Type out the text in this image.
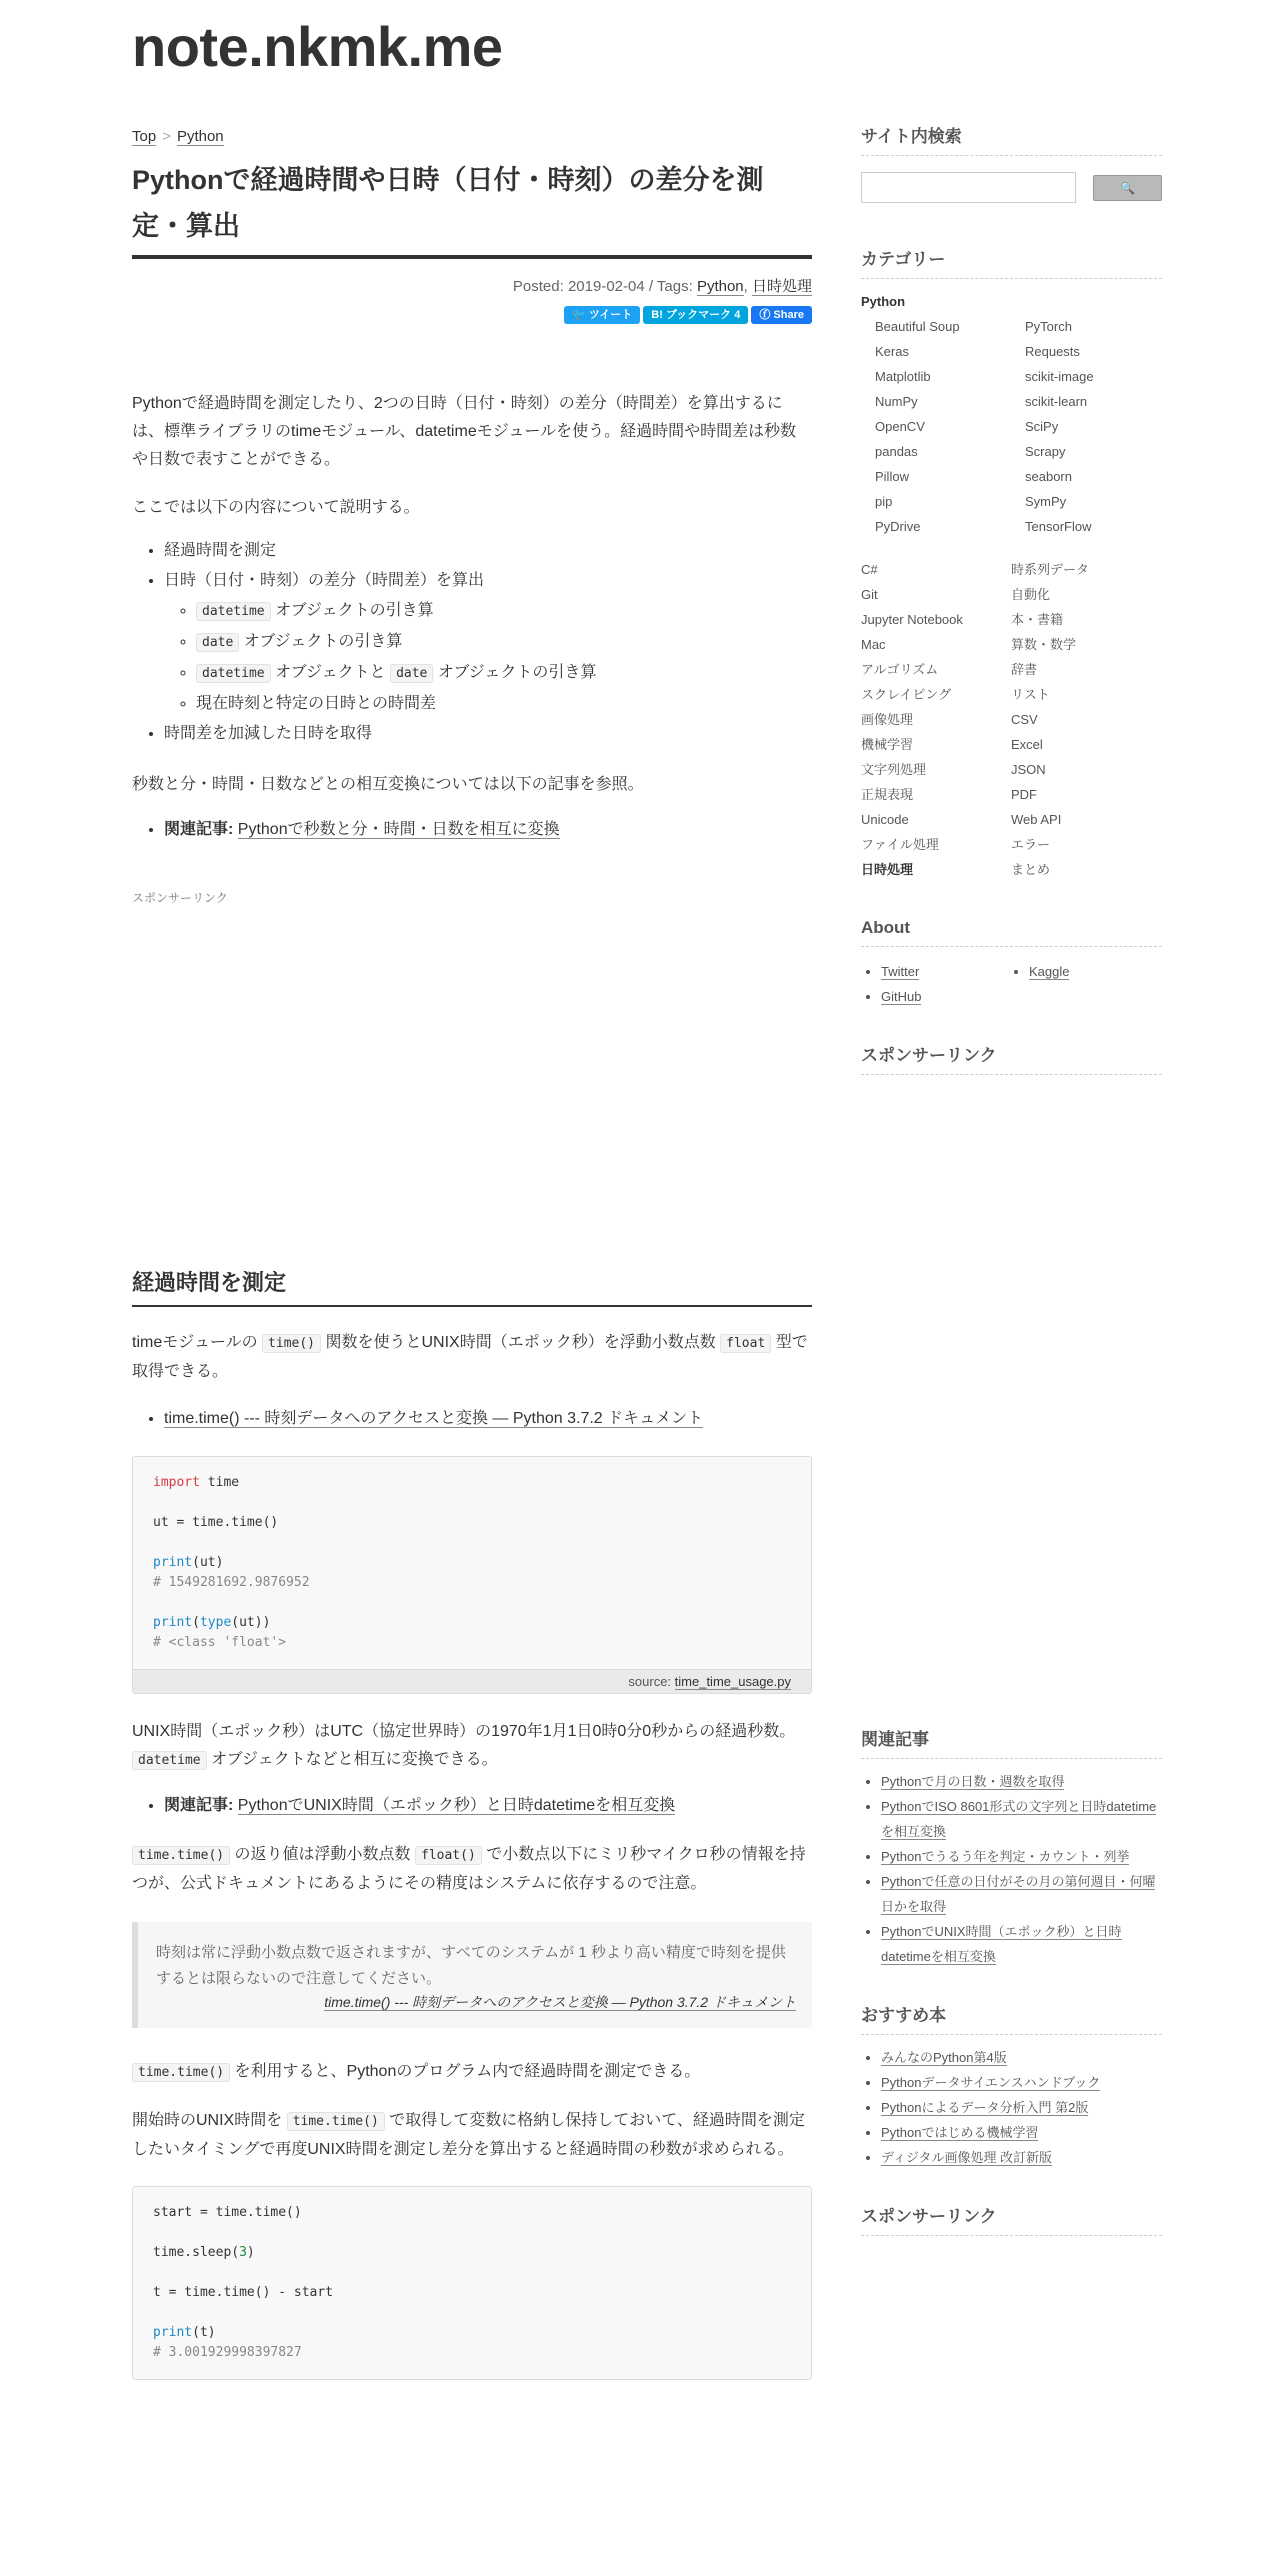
note.nkmk.me
Top > Python
Pythonで経過時間や日時（日付・時刻）の差分を測定・算出
Posted: 2019-02-04 / Tags: Python, 日時処理
🐦 ツイート B! ブックマーク 4 ⓕ Share

Pythonで経過時間を測定したり、2つの日時（日付・時刻）の差分（時間差）を算出するには、標準ライブラリのtimeモジュール、datetimeモジュールを使う。経過時間や時間差は秒数や日数で表すことができる。

ここでは以下の内容について説明する。

• 経過時間を測定
• 日時（日付・時刻）の差分（時間差）を算出
◦ datetime オブジェクトの引き算
◦ date オブジェクトの引き算
◦ datetime オブジェクトと date オブジェクトの引き算
◦ 現在時刻と特定の日時との時間差
• 時間差を加減した日時を取得

秒数と分・時間・日数などとの相互変換については以下の記事を参照。

• 関連記事: Pythonで秒数と分・時間・日数を相互に変換
スポンサーリンク
経過時間を測定

timeモジュールの time() 関数を使うとUNIX時間（エポック秒）を浮動小数点数 float 型で取得できる。

• time.time() --- 時刻データへのアクセスと変換 — Python 3.7.2 ドキュメント
import time

ut = time.time()

print(ut)
# 1549281692.9876952

print(type(ut))
# <class 'float'>
source: time_time_usage.py

UNIX時間（エポック秒）はUTC（協定世界時）の1970年1月1日0時0分0秒からの経過秒数。
datetime オブジェクトなどと相互に変換できる。

• 関連記事: PythonでUNIX時間（エポック秒）と日時datetimeを相互変換

time.time() の返り値は浮動小数点数 float() で小数点以下にミリ秒マイクロ秒の情報を持つが、公式ドキュメントにあるようにその精度はシステムに依存するので注意。

時刻は常に浮動小数点数で返されますが、すべてのシステムが 1 秒より高い精度で時刻を提供するとは限らないので注意してください。

time.time() --- 時刻データへのアクセスと変換 — Python 3.7.2 ドキュメント

time.time() を利用すると、Pythonのプログラム内で経過時間を測定できる。

開始時のUNIX時間を time.time() で取得して変数に格納し保持しておいて、経過時間を測定したいタイミングで再度UNIX時間を測定し差分を算出すると経過時間の秒数が求められる。

start = time.time()

time.sleep(3)

t = time.time() - start

print(t)
# 3.001929998397827
サイト内検索
🔍
カテゴリー
Python
Beautiful Soup	PyTorch
Keras	Requests
Matplotlib	scikit-image
NumPy	scikit-learn
OpenCV	SciPy
pandas	Scrapy
Pillow	seaborn
pip	SymPy
PyDrive	TensorFlow
C#	時系列データ
Git	自動化
Jupyter Notebook	本・書籍
Mac	算数・数学
アルゴリズム	辞書
スクレイピング	リスト
画像処理	CSV
機械学習	Excel
文字列処理	JSON
正規表現	PDF
Unicode	Web API
ファイル処理	エラー
日時処理	まとめ
About
• Twitter
•	Kaggle
• GitHub
スポンサーリンク
関連記事
• Pythonで月の日数・週数を取得
• PythonでISO 8601形式の文字列と日時datetimeを相互変換
• Pythonでうるう年を判定・カウント・列挙
• Pythonで任意の日付がその月の第何週目・何曜日かを取得
• PythonでUNIX時間（エポック秒）と日時datetimeを相互変換
おすすめ本
• みんなのPython第4版
• Pythonデータサイエンスハンドブック
• Pythonによるデータ分析入門 第2版
• Pythonではじめる機械学習
• ディジタル画像処理 改訂新版
スポンサーリンク
